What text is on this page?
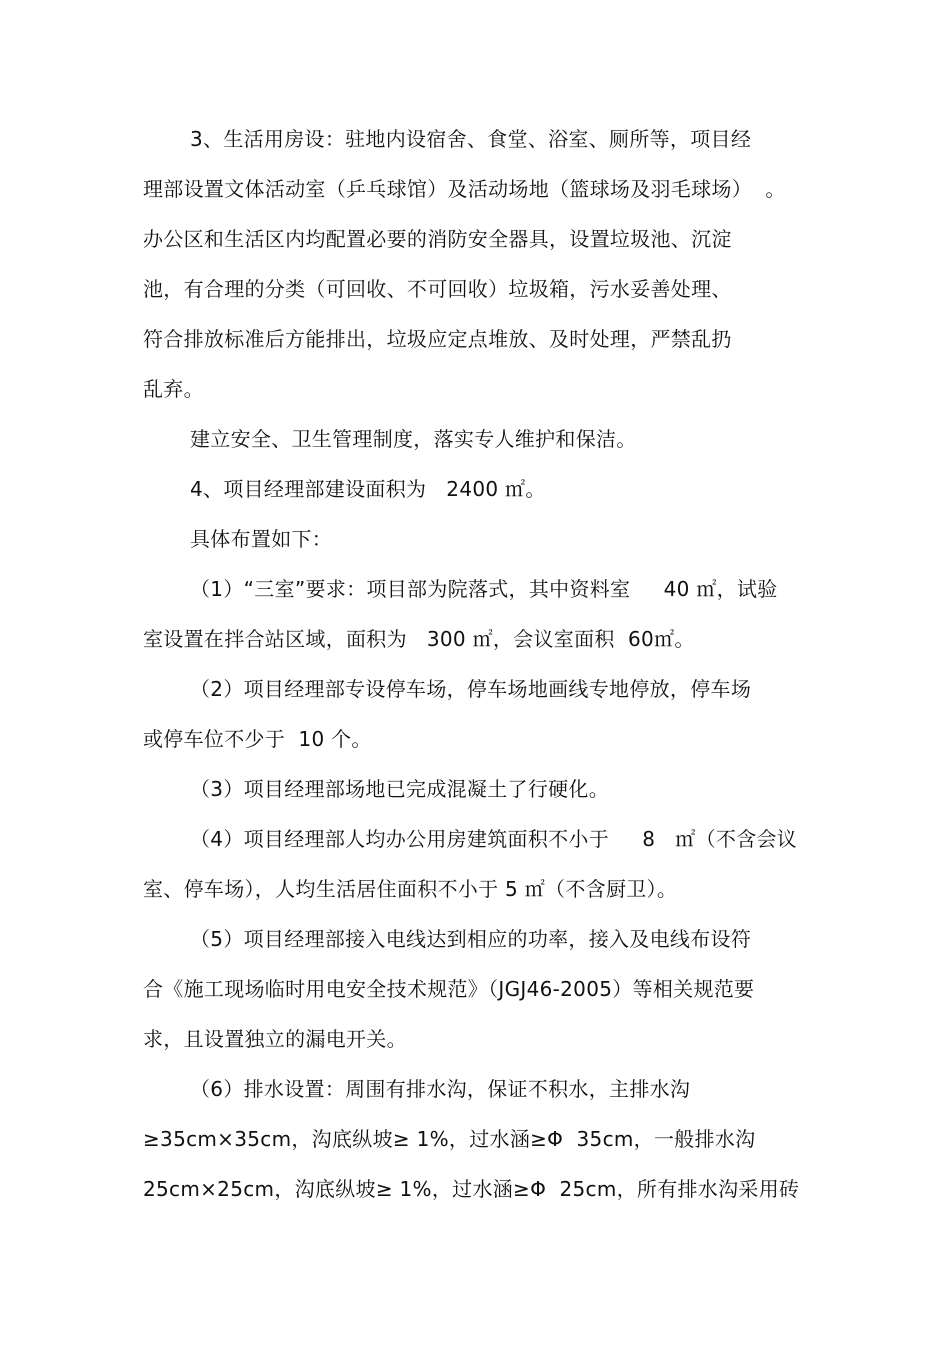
3、生活用房设：驻地内设宿舍、食堂、浴室、厕所等，项目经
理部设置文体活动室（乒乓球馆）及活动场地（篮球场及羽毛球场）  。
办公区和生活区内均配置必要的消防安全器具，设置垃圾池、沉淀
池，有合理的分类（可回收、不可回收）垃圾箱，污水妥善处理、
符合排放标准后方能排出，垃圾应定点堆放、及时处理，严禁乱扔
乱弃。
建立安全、卫生管理制度，落实专人维护和保洁。
4、项目经理部建设面积为   2400 ㎡。
具体布置如下：
（1）“三室”要求：项目部为院落式，其中资料室     40 ㎡，试验
室设置在拌合站区域，面积为   300 ㎡，会议室面积  60㎡。
（2）项目经理部专设停车场，停车场地画线专地停放，停车场
或停车位不少于  10 个。
（3）项目经理部场地已完成混凝土了行硬化。
（4）项目经理部人均办公用房建筑面积不小于     8   ㎡（不含会议
室、停车场），人均生活居住面积不小于 5 ㎡（不含厨卫）。
（5）项目经理部接入电线达到相应的功率，接入及电线布设符
合《施工现场临时用电安全技术规范》（JGJ46-2005）等相关规范要
求，且设置独立的漏电开关。
（6）排水设置：周围有排水沟，保证不积水，主排水沟
≥35cm×35cm，沟底纵坡≥ 1%，过水涵≥Φ  35cm，一般排水沟
25cm×25cm，沟底纵坡≥ 1%，过水涵≥Φ  25cm，所有排水沟采用砖
